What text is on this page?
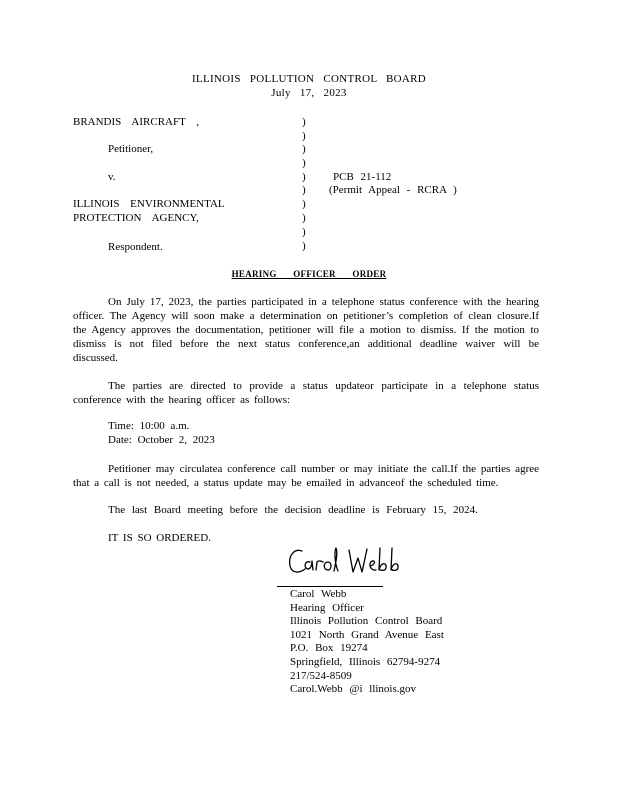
ILLINOIS POLLUTION CONTROL BOARD
July 17, 2023
BRANDIS AIRCRAFT ,
Petitioner,
v.
ILLINOIS ENVIRONMENTAL
PROTECTION AGENCY,
Respondent.
)
)
)
)
)
)
)
)
)
)
PCB 21-112
(Permit Appeal - RCRA )
HEARING OFFICER ORDER
On July 17, 2023, the parties participated in a telephone status conference with the hearing officer. The Agency will soon make a determination on petitioner’s completion of clean closure.If the Agency approves the documentation, petitioner will file a motion to dismiss. If the motion to dismiss is not filed before the next status conference,an additional deadline waiver will be discussed.
The parties are directed to provide a status updateor participate in a telephone status conference with the hearing officer as follows:
Time: 10:00 a.m.
Date: October 2, 2023
Petitioner may circulatea conference call number or may initiate the call.If the parties agree that a call is not needed, a status update may be emailed in advanceof the scheduled time.
The last Board meeting before the decision deadline is February 15, 2024.
IT IS SO ORDERED.
Carol Webb
Hearing Officer
Illinois Pollution Control Board
1021 North Grand Avenue East
P.O. Box 19274
Springfield, Illinois 62794-9274
217/524-8509
Carol.Webb @i llinois.gov
